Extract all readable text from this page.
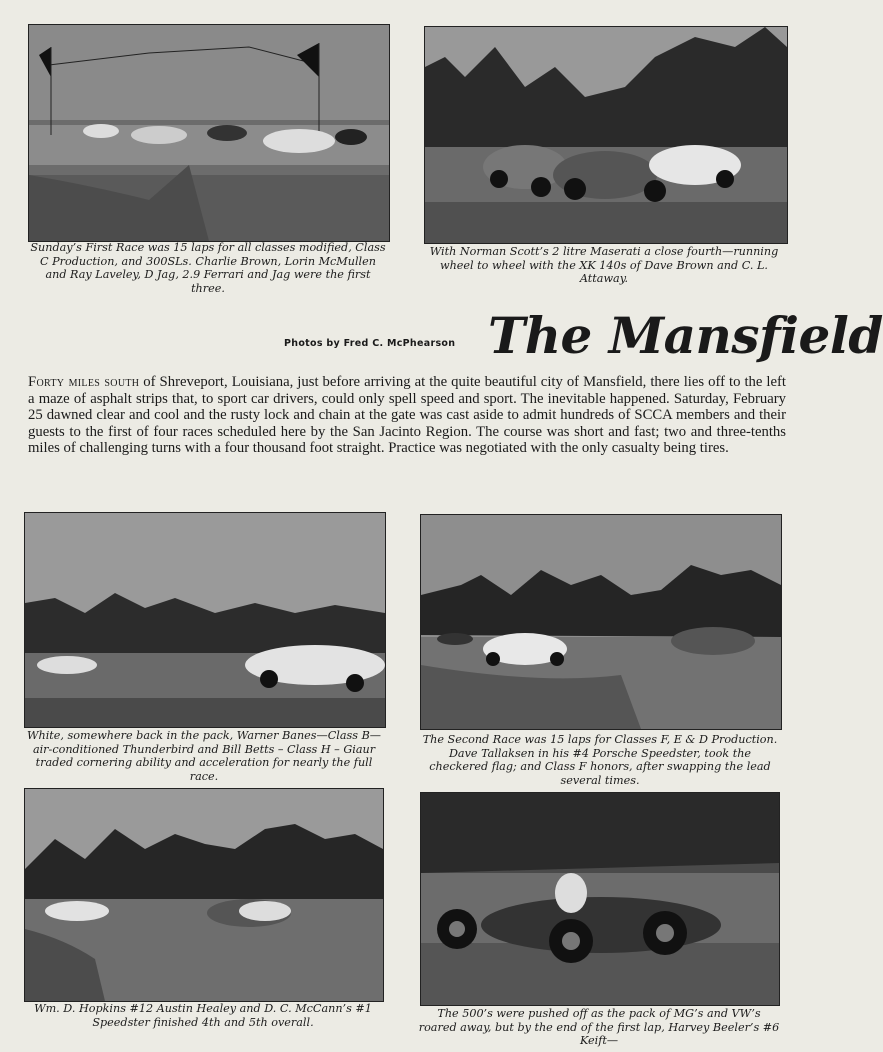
Sunday’s First Race was 15 laps for all classes modified, Class C Production, and 300SLs. Charlie Brown, Lorin McMullen and Ray Laveley, D Jag, 2.9 Ferrari and Jag were the first three.
With Norman Scott’s 2 litre Maserati a close fourth—running wheel to wheel with the XK 140s of Dave Brown and C. L. Attaway.
Photos by Fred C. McPhearson The Mansfield
Forty miles south of Shreveport, Louisiana, just before arriving at the quite beautiful city of Mansfield, there lies off to the left a maze of asphalt strips that, to sport car drivers, could only spell speed and sport. The inevitable happened. Saturday, February 25 dawned clear and cool and the rusty lock and chain at the gate was cast aside to admit hundreds of SCCA members and their guests to the first of four races scheduled here by the San Jacinto Region. The course was short and fast; two and three-tenths miles of challenging turns with a four thousand foot straight. Practice was negotiated with the only casualty being tires.
White, somewhere back in the pack, Warner Banes—Class B—air-conditioned Thunderbird and Bill Betts – Class H – Giaur traded cornering ability and acceleration for nearly the full race.
The Second Race was 15 laps for Classes F, E & D Production. Dave Tallaksen in his #4 Porsche Speedster, took the checkered flag; and Class F honors, after swapping the lead several times.
Wm. D. Hopkins #12 Austin Healey and D. C. McCann’s #1 Speedster finished 4th and 5th overall.
The 500’s were pushed off as the pack of MG’s and VW’s roared away, but by the end of the first lap, Harvey Beeler’s #6 Keift—
